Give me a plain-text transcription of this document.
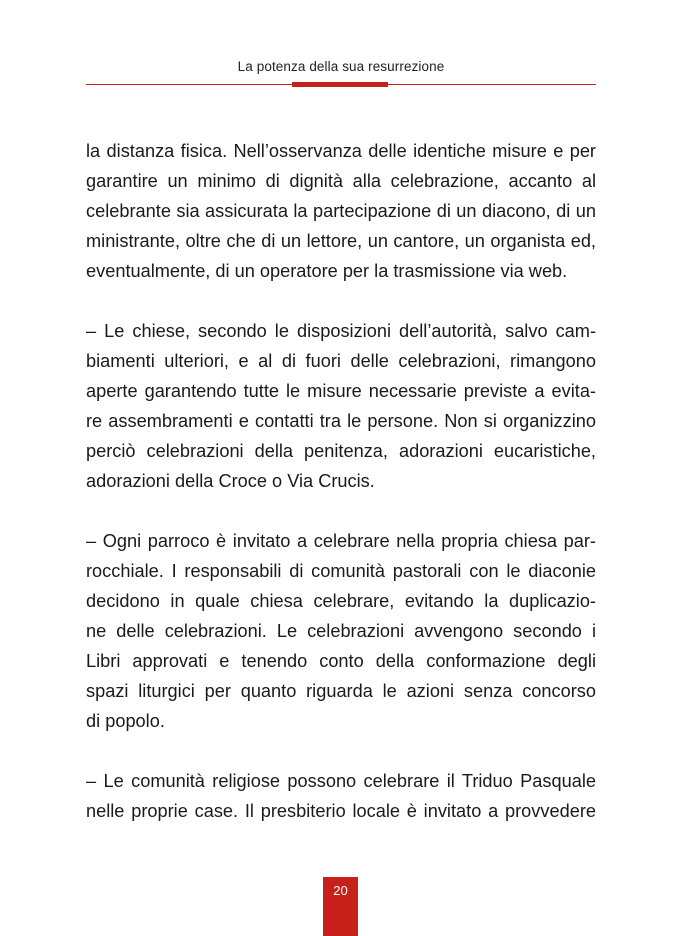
La potenza della sua resurrezione

la distanza fisica. Nell’osservanza delle identiche misure e per
garantire un minimo di dignità alla celebrazione, accanto al
celebrante sia assicurata la partecipazione di un diacono, di un
ministrante, oltre che di un lettore, un cantore, un organista ed,
eventualmente, di un operatore per la trasmissione via web.

– Le chiese, secondo le disposizioni dell’autorità, salvo cam-
biamenti ulteriori, e al di fuori delle celebrazioni, rimangono
aperte garantendo tutte le misure necessarie previste a evita-
re assembramenti e contatti tra le persone. Non si organizzino
perciò celebrazioni della penitenza, adorazioni eucaristiche,
adorazioni della Croce o Via Crucis.

– Ogni parroco è invitato a celebrare nella propria chiesa par-
rocchiale. I responsabili di comunità pastorali con le diaconie
decidono in quale chiesa celebrare, evitando la duplicazio-
ne delle celebrazioni. Le celebrazioni avvengono secondo i
Libri approvati e tenendo conto della conformazione degli
spazi liturgici per quanto riguarda le azioni senza concorso
di popolo.

– Le comunità religiose possono celebrare il Triduo Pasquale
nelle proprie case. Il presbiterio locale è invitato a provvedere

20
